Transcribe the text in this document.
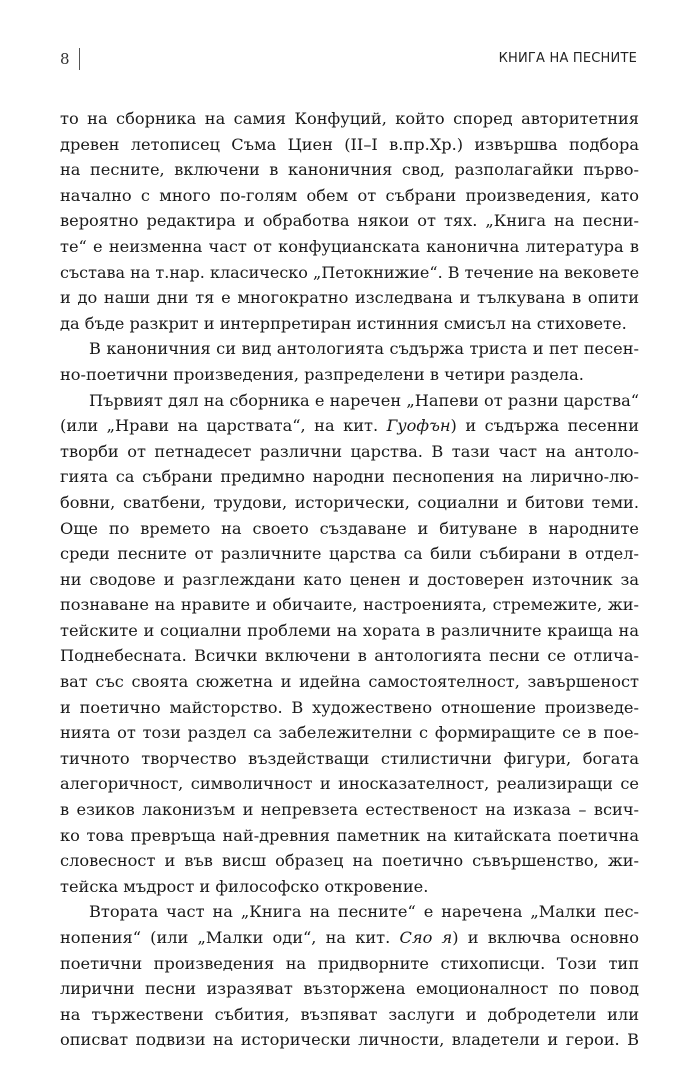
8	КНИГА НА ПЕСНИТЕ
то на сборника на самия Конфуций, който според авторитетния
древен летописец Съма Циен (II–I в.пр.Хр.) извършва подбора
на песните, включени в каноничния свод, разполагайки първо-
начално с много по-голям обем от събрани произведения, като
вероятно редактира и обработва някои от тях. „Книга на песни-
те“ е неизменна част от конфуцианската канонична литература в
състава на т.нар. класическо „Петокнижие“. В течение на вековете
и до наши дни тя е многократно изследвана и тълкувана в опити
да бъде разкрит и интерпретиран истинния смисъл на стиховете.
В каноничния си вид антологията съдържа триста и пет песен-
но-поетични произведения, разпределени в четири раздела.
Първият дял на сборника е наречен „Напеви от разни царства“
(или „Нрави на царствата“, на кит. Гуофън) и съдържа песенни
творби от петнадесет различни царства. В тази част на антоло-
гията са събрани предимно народни песнопения на лирично-лю-
бовни, сватбени, трудови, исторически, социални и битови теми.
Още по времето на своето създаване и битуване в народните
среди песните от различните царства са били събирани в отдел-
ни сводове и разглеждани като ценен и достоверен източник за
познаване на нравите и обичаите, настроенията, стремежите, жи-
тейските и социални проблеми на хората в различните краища на
Поднебесната. Всички включени в антологията песни се отлича-
ват със своята сюжетна и идейна самостоятелност, завършеност
и поетично майсторство. В художествено отношение произведе-
нията от този раздел са забележителни с формиращите се в пое-
тичното творчество въздействащи стилистични фигури, богата
алегоричност, символичност и иносказателност, реализиращи се
в езиков лаконизъм и непревзета естественост на изказа – всич-
ко това превръща най-древния паметник на китайската поетична
словесност и във висш образец на поетично съвършенство, жи-
тейска мъдрост и философско откровение.
Втората част на „Книга на песните“ е наречена „Малки пес-
нопения“ (или „Малки оди“, на кит. Сяо я) и включва основно
поетични произведения на придворните стихописци. Този тип
лирични песни изразяват възторжена емоционалност по повод
на тържествени събития, възпяват заслуги и добродетели или
описват подвизи на исторически личности, владетели и герои. В
